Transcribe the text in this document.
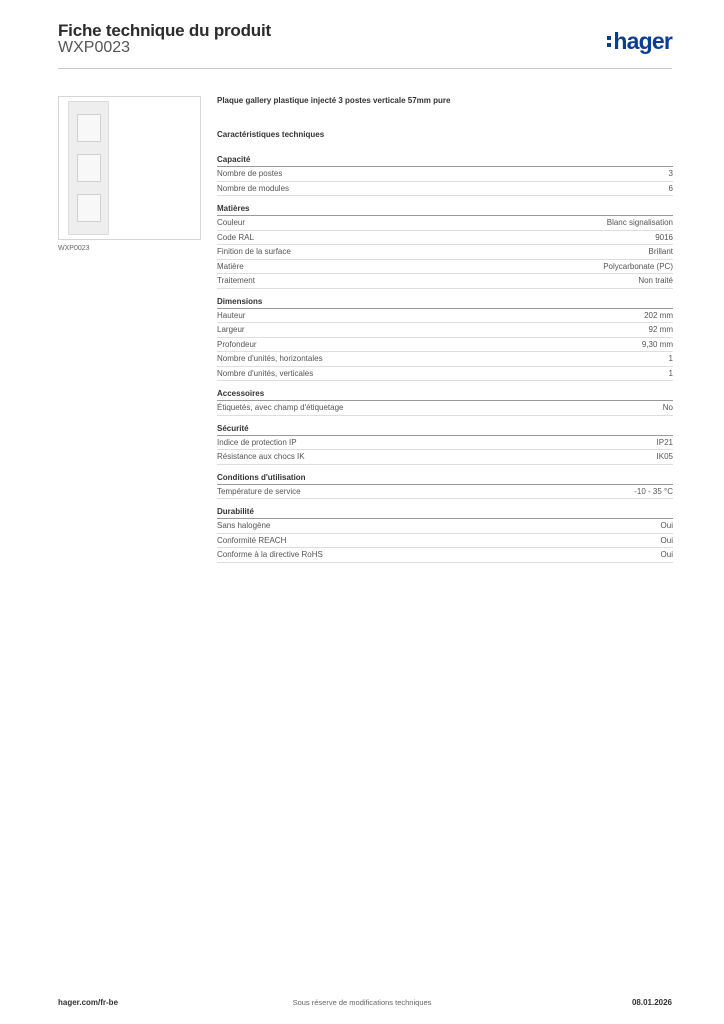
Fiche technique du produit
WXP0023	hager
WXP0023
Plaque gallery plastique injecté 3 postes verticale 57mm pure
Caractéristiques techniques
Capacité
Nombre de postes	3
Nombre de modules	6
Matières
Couleur	Blanc signalisation
Code RAL	9016
Finition de la surface	Brillant
Matière	Polycarbonate (PC)
Traitement	Non traité
Dimensions
Hauteur	202 mm
Largeur	92 mm
Profondeur	9,30 mm
Nombre d'unités, horizontales	1
Nombre d'unités, verticales	1
Accessoires
Étiquetés, avec champ d'étiquetage	No
Sécurité
Indice de protection IP	IP21
Résistance aux chocs IK	IK05
Conditions d'utilisation
Température de service	-10 - 35 °C
Durabilité
Sans halogène	Oui
Conformité REACH	Oui
Conforme à la directive RoHS	Oui
hager.com/fr-be	Sous réserve de modifications techniques	08.01.2026
